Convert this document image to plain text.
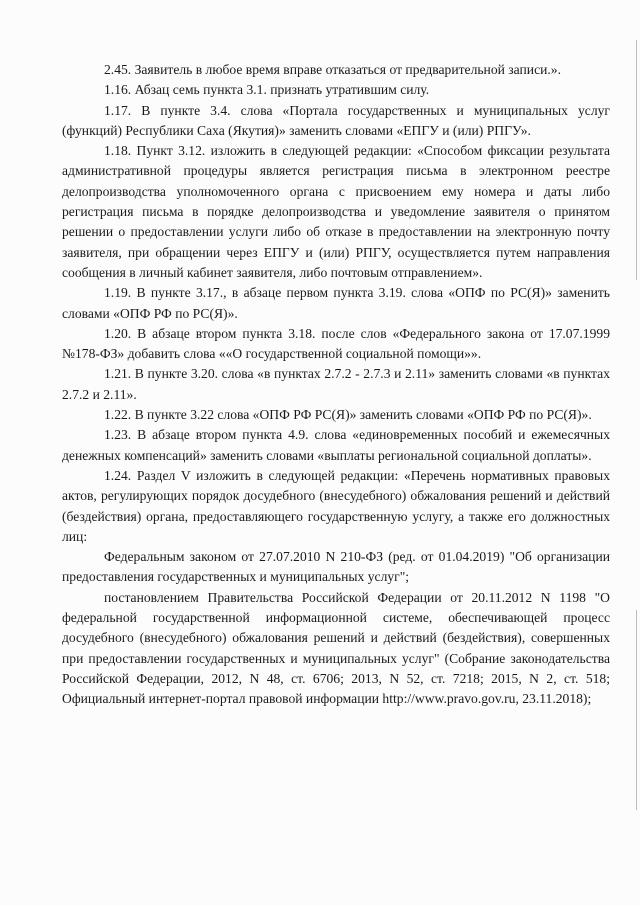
2.45. Заявитель в любое время вправе отказаться от предварительной записи.».

1.16. Абзац семь пункта 3.1. признать утратившим силу.

1.17. В пункте 3.4. слова «Портала государственных и муниципальных услуг (функций) Республики Саха (Якутия)» заменить словами «ЕПГУ и (или) РПГУ».

1.18. Пункт 3.12. изложить в следующей редакции: «Способом фиксации результата административной процедуры является регистрация письма в электронном реестре делопроизводства уполномоченного органа с присвоением ему номера и даты либо регистрация письма в порядке делопроизводства и уведомление заявителя о принятом решении о предоставлении услуги либо об отказе в предоставлении на электронную почту заявителя, при обращении через ЕПГУ и (или) РПГУ, осуществляется путем направления сообщения в личный кабинет заявителя, либо почтовым отправлением».

1.19. В пункте 3.17., в абзаце первом пункта 3.19. слова «ОПФ по РС(Я)» заменить словами «ОПФ РФ по РС(Я)».

1.20. В абзаце втором пункта 3.18. после слов «Федерального закона от 17.07.1999 №178-ФЗ» добавить слова ««О государственной социальной помощи»».

1.21. В пункте 3.20. слова «в пунктах 2.7.2 - 2.7.3 и 2.11» заменить словами «в пунктах 2.7.2 и 2.11».

1.22. В пункте 3.22 слова «ОПФ РФ РС(Я)» заменить словами «ОПФ РФ по РС(Я)».

1.23. В абзаце втором пункта 4.9. слова «единовременных пособий и ежемесячных денежных компенсаций» заменить словами «выплаты региональной социальной доплаты».

1.24. Раздел V изложить в следующей редакции: «Перечень нормативных правовых актов, регулирующих порядок досудебного (внесудебного) обжалования решений и действий (бездействия) органа, предоставляющего государственную услугу, а также его должностных лиц:

Федеральным законом от 27.07.2010 N 210-ФЗ (ред. от 01.04.2019) "Об организации предоставления государственных и муниципальных услуг";

постановлением Правительства Российской Федерации от 20.11.2012 N 1198 "О федеральной государственной информационной системе, обеспечивающей процесс досудебного (внесудебного) обжалования решений и действий (бездействия), совершенных при предоставлении государственных и муниципальных услуг" (Собрание законодательства Российской Федерации, 2012, N 48, ст. 6706; 2013, N 52, ст. 7218; 2015, N 2, ст. 518; Официальный интернет-портал правовой информации http://www.pravo.gov.ru, 23.11.2018);
